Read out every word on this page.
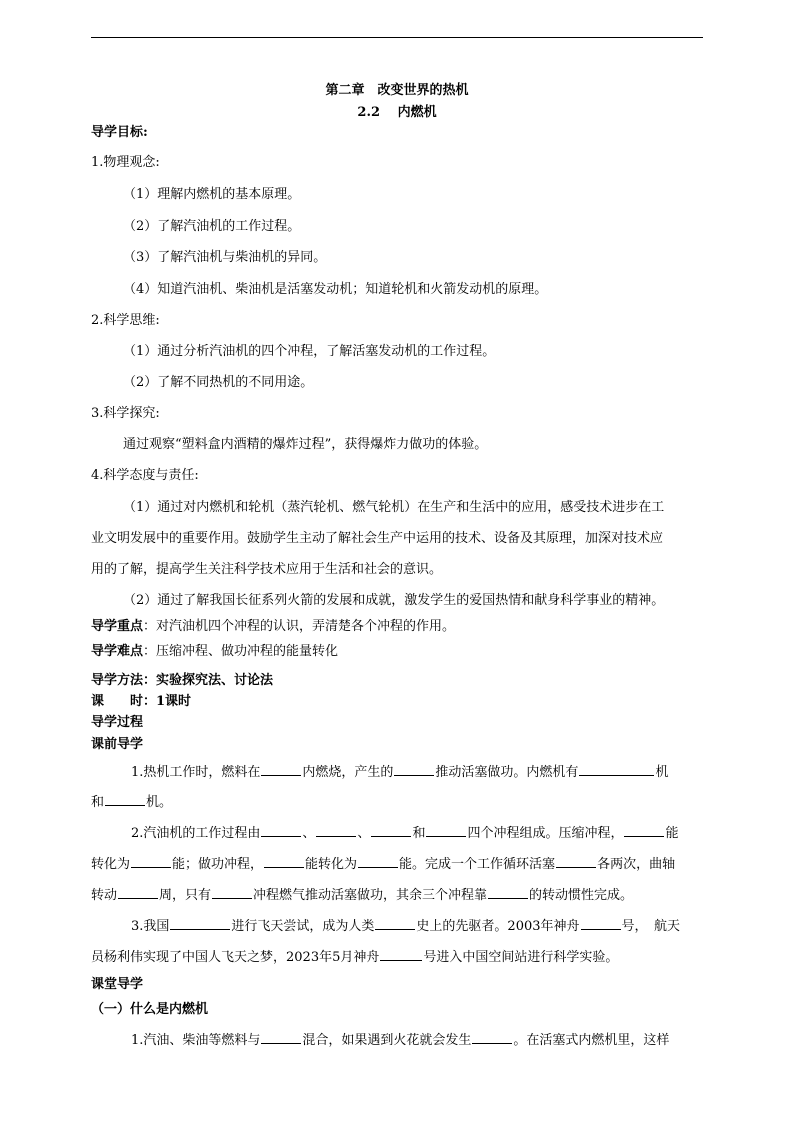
第二章　改变世界的热机
2.2　 内燃机
导学目标:
1.物理观念:
（1）理解内燃机的基本原理。
（2）了解汽油机的工作过程。
（3）了解汽油机与柴油机的异同。
（4）知道汽油机、柴油机是活塞发动机；知道轮机和火箭发动机的原理。
2.科学思维:
（1）通过分析汽油机的四个冲程，了解活塞发动机的工作过程。
（2）了解不同热机的不同用途。
3.科学探究:
通过观察“塑料盒内酒精的爆炸过程”，获得爆炸力做功的体验。
4.科学态度与责任:
（1）通过对内燃机和轮机（蒸汽轮机、燃气轮机）在生产和生活中的应用，感受技术进步在工
业文明发展中的重要作用。鼓励学生主动了解社会生产中运用的技术、设备及其原理，加深对技术应
用的了解，提高学生关注科学技术应用于生活和社会的意识。
（2）通过了解我国长征系列火箭的发展和成就，激发学生的爱国热情和献身科学事业的精神。
导学重点：对汽油机四个冲程的认识，弄清楚各个冲程的作用。
导学难点：压缩冲程、做功冲程的能量转化
导学方法：实验探究法、讨论法
课　　时：1课时
导学过程
课前导学
1.热机工作时，燃料在	内燃烧，产生的	推动活塞做功。内燃机有	机
和	机。
2.汽油机的工作过程由	、	、	和	四个冲程组成。压缩冲程，	能
转化为	能；做功冲程，	能转化为	能。完成一个工作循环活塞	各两次，曲轴
转动	周，只有	冲程燃气推动活塞做功，其余三个冲程靠	的转动惯性完成。
3.我国	进行飞天尝试，成为人类	史上的先驱者。2003年神舟	号，　航天
员杨利伟实现了中国人飞天之梦，2023年5月神舟	号进入中国空间站进行科学实验。
课堂导学
（一）什么是内燃机
1.汽油、柴油等燃料与	混合，如果遇到火花就会发生	。在活塞式内燃机里，这样
